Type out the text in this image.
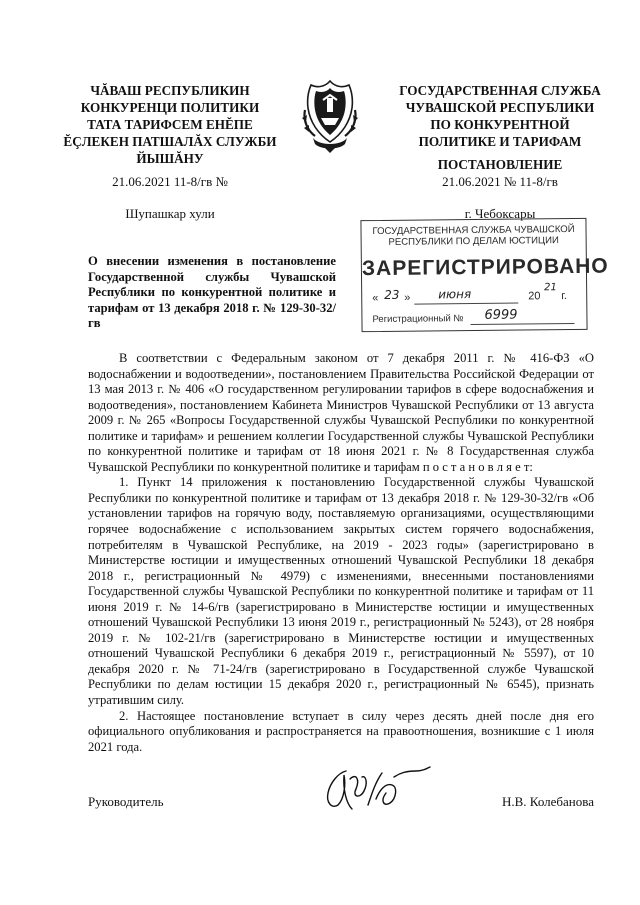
ЧĂВАШ РЕСПУБЛИКИН
КОНКУРЕНЦИ ПОЛИТИКИ
ТАТА ТАРИФСЕМ ЕНĔПЕ
ĔÇЛЕКЕН ПАТШАЛĂХ СЛУЖБИ
ЙЫШĂНУ
ГОСУДАРСТВЕННАЯ СЛУЖБА
ЧУВАШСКОЙ РЕСПУБЛИКИ
ПО КОНКУРЕНТНОЙ
ПОЛИТИКЕ И ТАРИФАМ
ПОСТАНОВЛЕНИЕ
21.06.2021 11-8/гв №
Шупашкар хули
21.06.2021 № 11-8/гв
г. Чебоксары
О внесении изменения в постановление Государственной службы Чувашской Республики по конкурентной политике и тарифам от 13 декабря 2018 г. № 129-30-32/гв
ГОСУДАРСТВЕННАЯ СЛУЖБА ЧУВАШСКОЙ
РЕСПУБЛИКИ ПО ДЕЛАМ ЮСТИЦИИ
ЗАРЕГИСТРИРОВАНО
« 23 » июня	20
21
г.
Регистрационный № 6999

В соответствии с Федеральным законом от 7 декабря 2011 г. № 416-ФЗ «О водоснабжении и водоотведении», постановлением Правительства Российской Федерации от 13 мая 2013 г. № 406 «О государственном регулировании тарифов в сфере водоснабжения и водоотведения», постановлением Кабинета Министров Чувашской Республики от 13 августа 2009 г. № 265 «Вопросы Государственной службы Чувашской Республики по конкурентной политике и тарифам» и решением коллегии Государственной службы Чувашской Республики по конкурентной политике и тарифам от 18 июня 2021 г. № 8 Государственная служба Чувашской Республики по конкурентной политике и тарифам п о с т а н о в л я е т:

1. Пункт 14 приложения к постановлению Государственной службы Чувашской Республики по конкурентной политике и тарифам от 13 декабря 2018 г. № 129-30-32/гв «Об установлении тарифов на горячую воду, поставляемую организациями, осуществляющими горячее водоснабжение с использованием закрытых систем горячего водоснабжения, потребителям в Чувашской Республике, на 2019 - 2023 годы» (зарегистрировано в Министерстве юстиции и имущественных отношений Чувашской Республики 18 декабря 2018 г., регистрационный № 4979) с изменениями, внесенными постановлениями Государственной службы Чувашской Республики по конкурентной политике и тарифам от 11 июня 2019 г. № 14-6/гв (зарегистрировано в Министерстве юстиции и имущественных отношений Чувашской Республики 13 июня 2019 г., регистрационный № 5243), от 28 ноября 2019 г. № 102-21/гв (зарегистрировано в Министерстве юстиции и имущественных отношений Чувашской Республики 6 декабря 2019 г., регистрационный № 5597), от 10 декабря 2020 г. № 71-24/гв (зарегистрировано в Государственной службе Чувашской Республики по делам юстиции 15 декабря 2020 г., регистрационный № 6545), признать утратившим силу.

2. Настоящее постановление вступает в силу через десять дней после дня его официального опубликования и распространяется на правоотношения, возникшие с 1 июля 2021 года.

Руководитель	Н.В. Колебанова
